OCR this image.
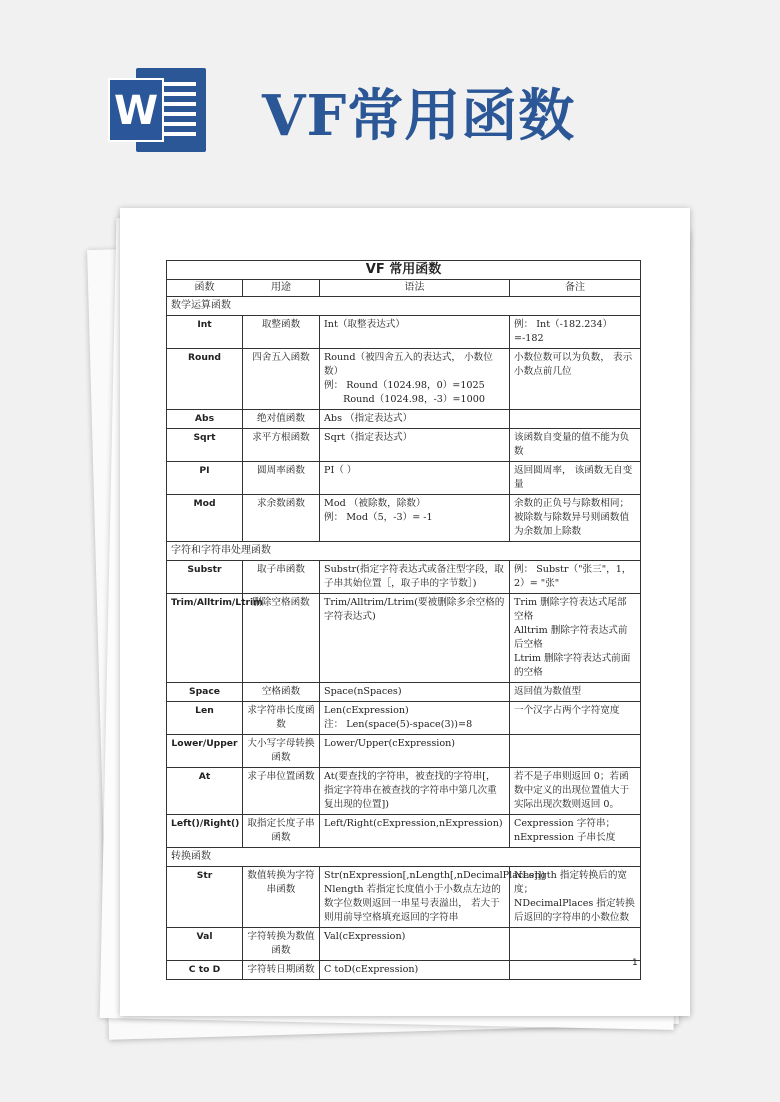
W VF常用函数
VF 常用函数			
函数	用途	语法	备注
数学运算函数			
Int	取整函数	Int（取整表达式）	例： Int（-182.234）=-182

Round	四舍五入函数	Round（被四舍五入的表达式， 小数位数）
例： Round（1024.98，0）=1025
　　Round（1024.98，-3）=1000	小数位数可以为负数， 表示小数点前几位

Abs	绝对值函数	Abs （指定表达式）	

Sqrt	求平方根函数	Sqrt（指定表达式）	该函数自变量的值不能为负数

PI	圆周率函数	PI（ ）	返回圆周率， 该函数无自变量

Mod	求余数函数	Mod （被除数，除数）
例： Mod（5，-3）= -1	余数的正负号与除数相同；被除数与除数异号则函数值为余数加上除数

字符和字符串处理函数			
Substr	取子串函数	Substr(指定字符表达式或备注型字段，取子串其始位置［，取子串的字节数］)	例： Substr（"张三"，1，2）= "张"

Trim/Alltrim/Ltrim	删除空格函数	Trim/Alltrim/Ltrim(要被删除多余空格的字符表达式)	Trim 删除字符表达式尾部空格
Alltrim 删除字符表达式前后空格
Ltrim 删除字符表达式前面的空格

Space	空格函数	Space(nSpaces)	返回值为数值型

Len	求字符串长度函数	Len(cExpression)
注： Len(space(5)-space(3))=8	一个汉字占两个字符宽度

Lower/Upper	大小写字母转换函数	Lower/Upper(cExpression)	

At	求子串位置函数	At(要查找的字符串，被查找的字符串[，指定字符串在被查找的字符串中第几次重复出现的位置])	若不是子串则返回 0；若函数中定义的出现位置值大于实际出现次数则返回 0。

Left()/Right()	取指定长度子串函数	Left/Right(cExpression,nExpression)	Cexpression 字符串；
nExpression 子串长度

转换函数			
Str	数值转换为字符串函数	Str(nExpression[,nLength[,nDecimalPlaces]])
Nlength 若指定长度值小于小数点左边的数字位数则返回一串星号表溢出， 若大于则用前导空格填充返回的字符串	NLength 指定转换后的宽度；
NDecimalPlaces 指定转换后返回的字符串的小数位数

Val	字符转换为数值函数	Val(cExpression)	

C to D	字符转日期函数	C toD(cExpression)	

1
